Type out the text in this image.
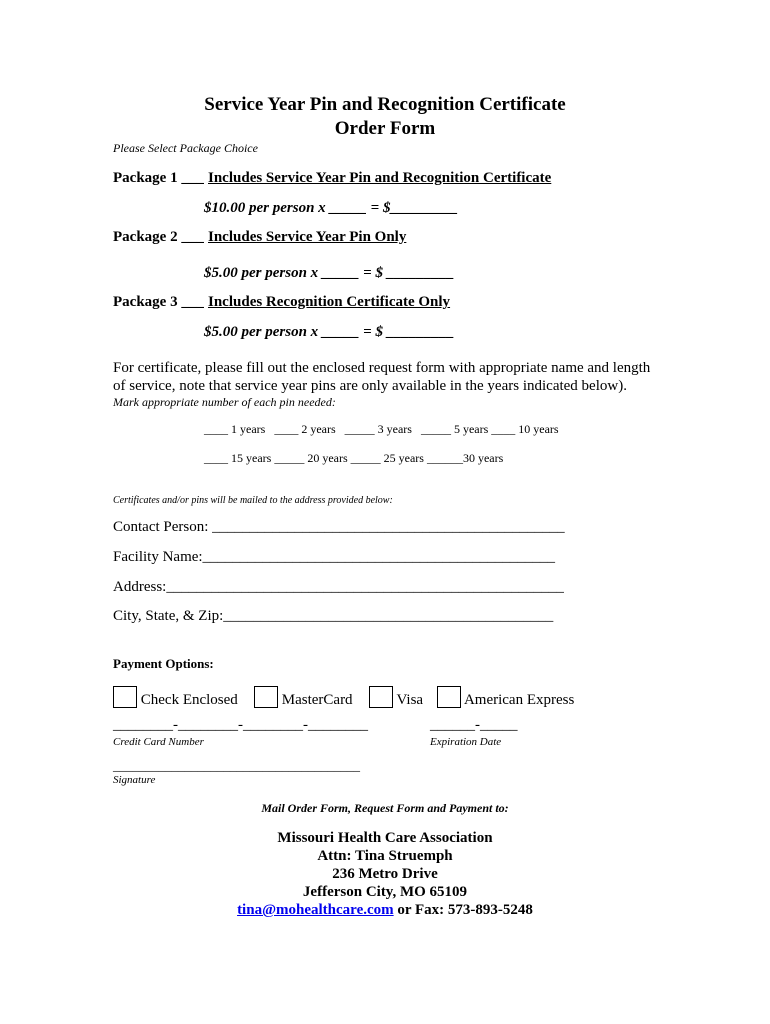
Service Year Pin and Recognition Certificate
Order Form
Please Select Package Choice
Package 1 ___ Includes Service Year Pin and Recognition Certificate
$10.00 per person x _____ = $_________
Package 2 ___ Includes Service Year Pin Only
$5.00 per person x _____ = $ _________
Package 3 ___ Includes Recognition Certificate Only
$5.00 per person x _____ = $ _________
For certificate, please fill out the enclosed request form with appropriate name and length
of service, note that service year pins are only available in the years indicated below).
Mark appropriate number of each pin needed:
____ 1 years   ____ 2 years   _____ 3 years   _____ 5 years ____ 10 years
____ 15 years _____ 20 years _____ 25 years ______30 years
Certificates and/or pins will be mailed to the address provided below:
Contact Person: _______________________________________________
Facility Name:_______________________________________________
Address:_____________________________________________________
City, State, & Zip:____________________________________________
Payment Options:
Check Enclosed	MasterCard	Visa	American Express
________-________-________-________
Credit Card Number
______-_____
Expiration Date
______________________________________
Signature
Mail Order Form, Request Form and Payment to:
Missouri Health Care Association
Attn: Tina Struemph
236 Metro Drive
Jefferson City, MO 65109
tina@mohealthcare.com or Fax: 573-893-5248
